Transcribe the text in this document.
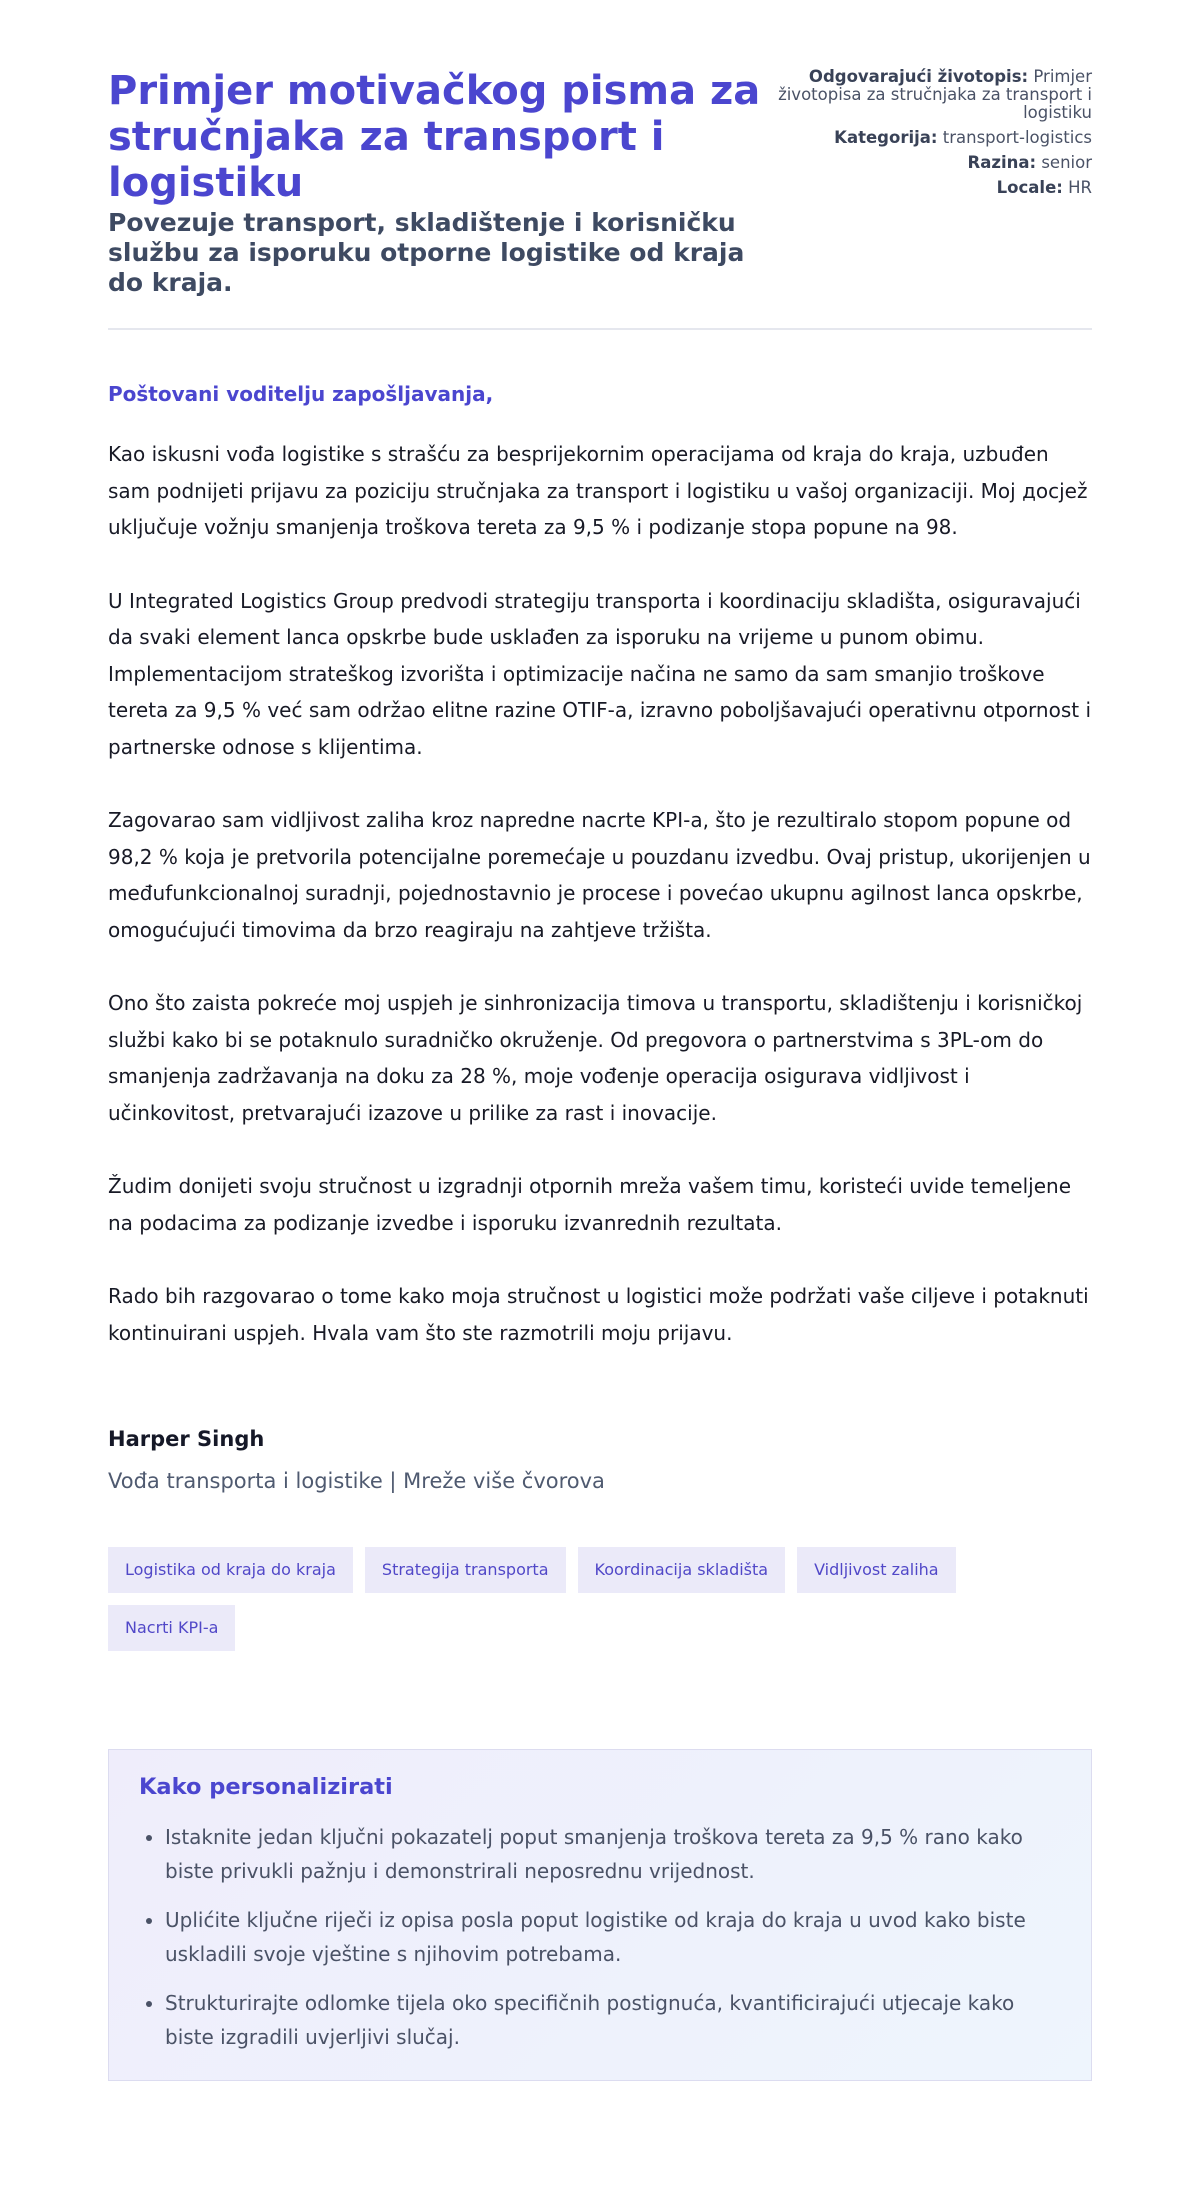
Primjer motivačkog pisma za stručnjaka za transport i logistiku

Povezuje transport, skladištenje i korisničku službu za isporuku otporne logistike od kraja do kraja.

Odgovarajući životopis: Primjer životopisa za stručnjaka za transport i logistiku
Kategorija: transport-logistics
Razina: senior
Locale: HR

Poštovani voditelju zapošljavanja,

Kao iskusni vođa logistike s strašću za besprijekornim operacijama od kraja do kraja, uzbuđen sam podnijeti prijavu za poziciju stručnjaka za transport i logistiku u vašoj organizaciji. Moj досjež uključuje vožnju smanjenja troškova tereta za 9,5 % i podizanje stopa popune na 98.

U Integrated Logistics Group predvodi strategiju transporta i koordinaciju skladišta, osiguravajući da svaki element lanca opskrbe bude usklađen za isporuku na vrijeme u punom obimu. Implementacijom strateškog izvorišta i optimizacije načina ne samo da sam smanjio troškove tereta za 9,5 % već sam održao elitne razine OTIF-a, izravno poboljšavajući operativnu otpornost i partnerske odnose s klijentima.

Zagovarao sam vidljivost zaliha kroz napredne nacrte KPI-a, što je rezultiralo stopom popune od 98,2 % koja je pretvorila potencijalne poremećaje u pouzdanu izvedbu. Ovaj pristup, ukorijenjen u međufunkcionalnoj suradnji, pojednostavnio je procese i povećao ukupnu agilnost lanca opskrbe, omogućujući timovima da brzo reagiraju na zahtjeve tržišta.

Ono što zaista pokreće moj uspjeh je sinhronizacija timova u transportu, skladištenju i korisničkoj službi kako bi se potaknulo suradničko okruženje. Od pregovora o partnerstvima s 3PL-om do smanjenja zadržavanja na doku za 28 %, moje vođenje operacija osigurava vidljivost i učinkovitost, pretvarajući izazove u prilike za rast i inovacije.

Žudim donijeti svoju stručnost u izgradnji otpornih mreža vašem timu, koristeći uvide temeljene na podacima za podizanje izvedbe i isporuku izvanrednih rezultata.

Rado bih razgovarao o tome kako moja stručnost u logistici može podržati vaše ciljeve i potaknuti kontinuirani uspjeh. Hvala vam što ste razmotrili moju prijavu.

Harper Singh
Vođa transporta i logistike | Mreže više čvorova
Logistika od kraja do kraja	Strategija transporta	Koordinacija skladišta	Vidljivost zaliha
Nacrti KPI-a
Kako personalizirati
• Istaknite jedan ključni pokazatelj poput smanjenja troškova tereta za 9,5 % rano kako biste privukli pažnju i demonstrirali neposrednu vrijednost.
• Uplićite ključne riječi iz opisa posla poput logistike od kraja do kraja u uvod kako biste uskladili svoje vještine s njihovim potrebama.
• Strukturirajte odlomke tijela oko specifičnih postignuća, kvantificirajući utjecaje kako biste izgradili uvjerljivi slučaj.
